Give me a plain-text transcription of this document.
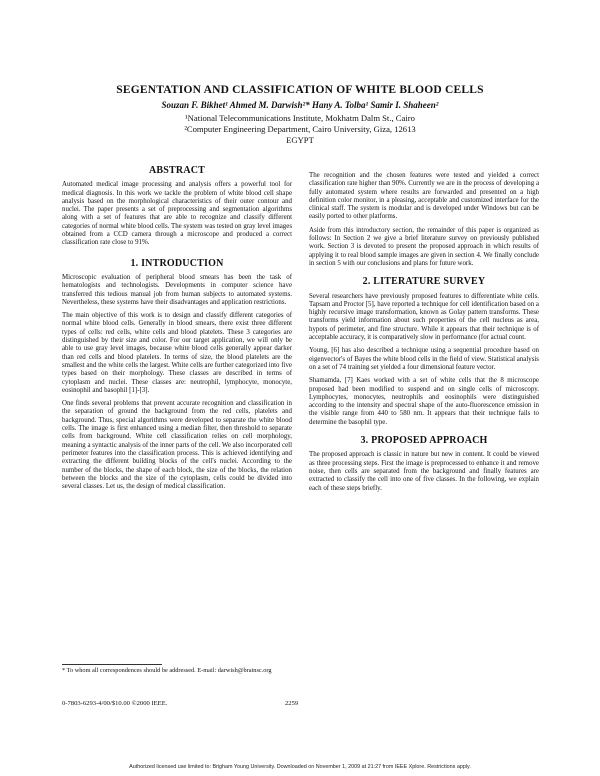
SEGENTATION AND CLASSIFICATION OF WHITE BLOOD CELLS
Souzan F. Bikhet¹ Ahmed M. Darwish²* Hany A. Tolba¹ Samir I. Shaheen²
¹National Telecommunications Institute, Mokhatm Dalm St., Cairo
²Computer Engineering Department, Cairo University, Giza, 12613
EGYPT
ABSTRACT

Automated medical image processing and analysis offers a powerful tool for medical diagnosis. In this work we tackle the problem of white blood cell shape analysis based on the morphological characteristics of their outer contour and nuclei. The paper presents a set of preprocessing and segmentation algorithms along with a set of features that are able to recognize and classify different categories of normal white blood cells. The system was tested on gray level images obtained from a CCD camera through a microscope and produced a correct classification rate close to 91%.

1. INTRODUCTION

Microscopic evaluation of peripheral blood smears has been the task of hematologists and technologists. Developments in computer science have transferred this tedious manual job from human subjects to automated systems. Nevertheless, these systems have their disadvantages and application restrictions.

The main objective of this work is to design and classify different categories of normal white blood cells. Generally in blood smears, there exist three different types of cells: red cells, white cells and blood platelets. These 3 categories are distinguished by their size and color. For our target application, we will only be able to use gray level images, because white blood cells generally appear darker than red cells and blood platelets. In terms of size, the blood platelets are the smallest and the white cells the largest. White cells are further categorized into five types based on their morphology. These classes are described in terms of cytoplasm and nuclei. These classes are: neutrophil, lymphocyte, monocyte, eosinophil and basophil [1]-[3].

One finds several problems that prevent accurate recognition and classification in the separation of ground the background from the red cells, platelets and background. Thus, special algorithms were developed to separate the white blood cells. The image is first enhanced using a median filter, then threshold to separate cells from background. White cell classification relies on cell morphology, meaning a syntactic analysis of the inner parts of the cell. We also incorporated cell perimeter features into the classification process. This is achieved identifying and extracting the different building blocks of the cell's nuclei. According to the number of the blocks, the shape of each block, the size of the blocks, the relation between the blocks and the size of the cytoplasm, cells could be divided into several classes. Let us, the design of medical classification.

The recognition and the chosen features were tested and yielded a correct classification rate higher than 90%. Currently we are in the process of developing a fully automated system where results are forwarded and presented on a high definition color monitor, in a pleasing, acceptable and customized interface for the clinical staff. The system is modular and is developed under Windows but can be easily ported to other platforms.

Aside from this introductory section, the remainder of this paper is organized as follows: In Section 2 we give a brief literature survey on previously published work. Section 3 is devoted to present the proposed approach in which results of applying it to real blood sample images are given in section 4. We finally conclude in section 5 with our conclusions and plans for future work.

2. LITERATURE SURVEY

Several researchers have previously proposed features to differentiate white cells. Tapsam and Proctor [5], have reported a technique for cell identification based on a highly recursive image transformation, known as Golay pattern transforms. These transforms yield information about such properties of the cell nucleus as area, hypots of perimeter, and fine structure. While it appears that their technique is of acceptable accuracy, it is comparatively slow in performance (for actual count.

Young, [6] has also described a technique using a sequential procedure based on eigenvector's of Bayes the white blood cells in the field of view. Statistical analysis on a set of 74 training set yielded a four dimensional feature vector.

Shamamda, [7] Kaes worked with a set of white cells that the 8 microscope proposed had been modified to suspend and on single cells of microscopy. Lymphocytes, monocytes, neutrophils and eosinophils were distinguished according to the intensity and spectral shape of the auto-fluorescence emission in the visible range from 440 to 580 nm. It appears that their technique fails to determine the basophil type.

3. PROPOSED APPROACH

The proposed approach is classic in nature but new in content. It could be viewed as three processing steps. First the image is preprocessed to enhance it and remove noise, then cells are separated from the background and finally features are extracted to classify the cell into one of five classes. In the following, we explain each of these steps briefly.

* To whom all correspondences should be addressed. E-mail: darwish@brainsc.org
0-7803-6293-4/00/$10.00 ©2000 IEEE.	2259
Authorized licensed use limited to: Brigham Young University. Downloaded on November 1, 2009 at 21:27 from IEEE Xplore. Restrictions apply.
